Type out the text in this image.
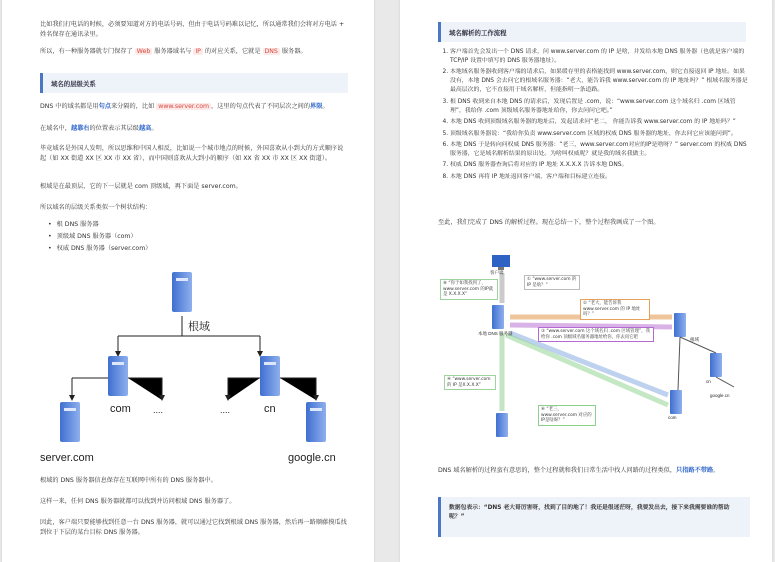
比如我们打电话的时候，必须要知道对方的电话号码，但由于电话号码难以记忆，所以通常我们会将对方电话 + 姓名保存在通讯录里。

所以，有一种服务器就专门保存了 Web 服务器域名与 IP 的对应关系，它就是 DNS 服务器。

域名的层级关系

DNS 中的域名都是用句点来分隔的，比如 www.server.com ，这里的句点代表了不同层次之间的界限。

在域名中，越靠右的位置表示其层级越高。

毕竟域名是外国人发明，所以思维和中国人相反，比如说一个城市地点的时候，外国喜欢从小到大的方式顺序说起（如 XX 街道 XX 区 XX 市 XX 省），而中国则喜欢从大到小的顺序（如 XX 省 XX 市 XX 区 XX 街道）。

根域是在最顶层，它的下一层就是 com 顶级域，再下面是 server.com。

所以域名的层级关系类似一个树状结构：

• 根 DNS 服务器
• 顶级域 DNS 服务器（com）
• 权威 DNS 服务器（server.com）
根域
com	cn
....	....
server.com	google.cn

根域的 DNS 服务器信息保存在互联网中所有的 DNS 服务器中。

这样一来，任何 DNS 服务器就都可以找到并访问根域 DNS 服务器了。

因此，客户端只要能够找到任意一台 DNS 服务器，就可以通过它找到根域 DNS 服务器，然后再一路顺藤摸瓜找到位于下层的某台目标 DNS 服务器。

域名解析的工作流程
1. 客户端首先会发出一个 DNS 请求，问 www.server.com 的 IP 是啥，并发给本地 DNS 服务器（也就是客户端的 TCP/IP 设置中填写的 DNS 服务器地址）。
2. 本地域名服务器收到客户端的请求后，如果缓存里的表格能找到 www.server.com，则它直接返回 IP 地址。如果没有，本地 DNS 会去问它的根域名服务器：“老大，能告诉我 www.server.com 的 IP 地址吗？” 根域名服务器是最高层次的，它不直接用于域名解析，但能指明一条道路。
3. 根 DNS 收到来自本地 DNS 的请求后，发现后置是 .com，说：“www.server.com 这个域名归 .com 区域管理”，我给你 .com 顶级域名服务器地址给你，你去问问它吧。”
4. 本地 DNS 收到顶级域名服务器的地址后，发起请求问“老二， 你能告诉我 www.server.com 的 IP 地址吗？”
5. 顶级域名服务器说：“我给你负责 www.server.com 区域的权威 DNS 服务器的地址，你去问它应该能问到”。
6. 本地 DNS 于是转向问权威 DNS 服务器：“老三，www.server.com对应的IP是啥呀？” server.com 的权威 DNS 服务器，它是域名解析结果的原出处。为啥叫权威呢？就是我的域名我做主。
7. 权威 DNS 服务器查询后将对应的 IP 地址 X.X.X.X 告诉本地 DNS。
8. 本地 DNS 再将 IP 地址返回客户端，客户端和目标建立连接。

至此，我们完成了 DNS 的解析过程。现在总结一下，整个过程我画成了一个图。

客户端
本地 DNS 服务器
根域
cn
google.cn
com
⑧ “你于如我找到了，www.server.com 的IP就是 X.X.X.X”
① “www.server.com 的 IP 是啥？”
② “老大，能告诉我 www.server.com 的 IP 地址吗？”
③ “www.server.com 这个域名归 .com 区域管理”，我给你 .com 顶级域名服务器地址给你，你去问它吧
④ “www.server.com 的 IP 是X.X.X.X”
⑥ “老三，www.server.com 对应的IP是啥呀？”

DNS 域名解析的过程蛮有意思的，整个过程就和我们日常生活中找人问路的过程类似，只指路不带路。

数据包表示：“DNS 老大哥厉害呀，找到了目的地了！我还是很迷茫呀，我要发出去，接下来我需要谁的帮助呢？”
